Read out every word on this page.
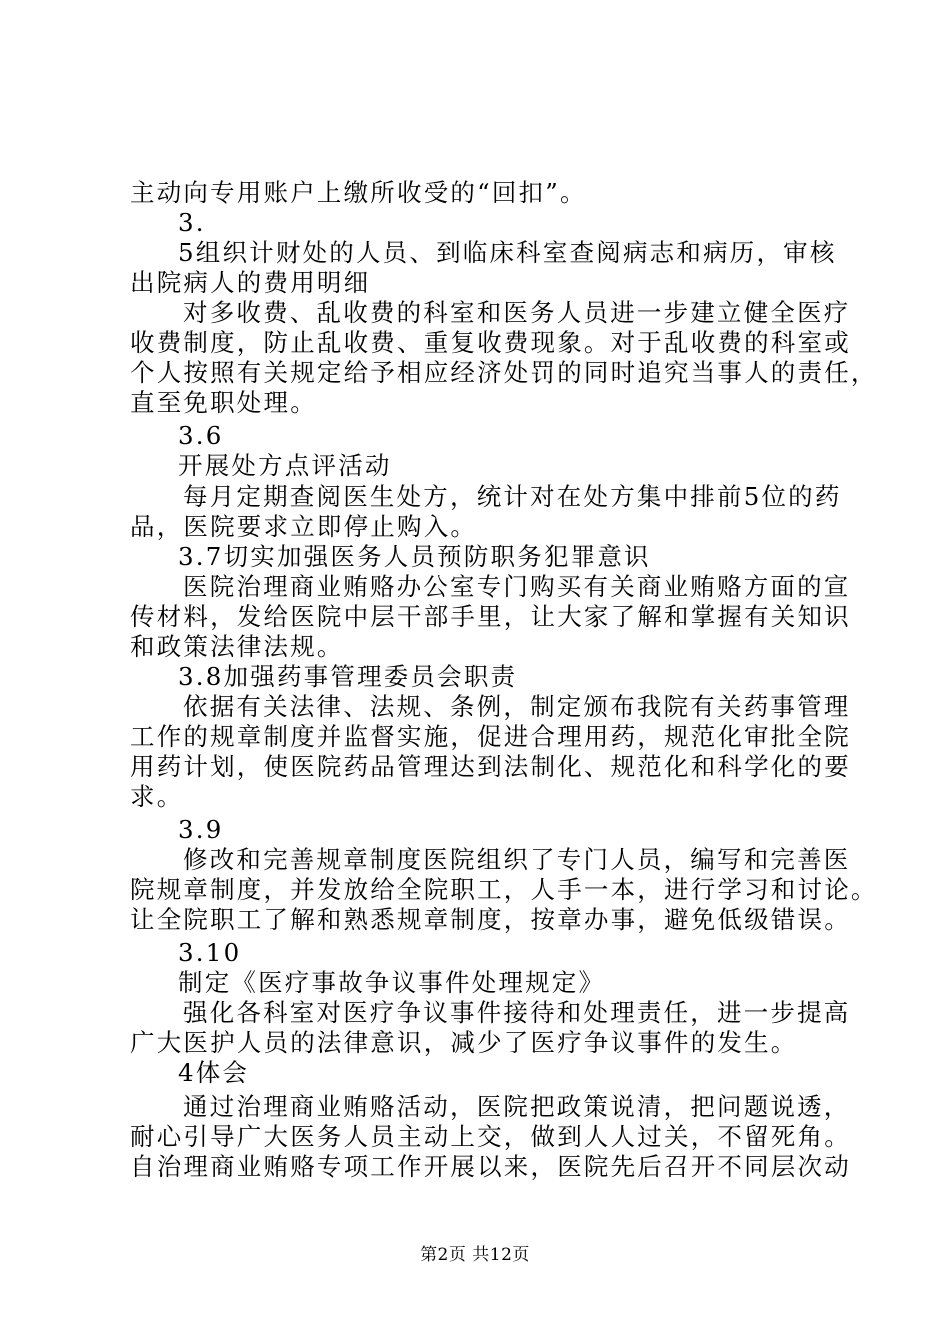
主动向专用账户上缴所收受的“回扣”。
3.
5组织计财处的人员、到临床科室查阅病志和病历，审核
出院病人的费用明细
对多收费、乱收费的科室和医务人员进一步建立健全医疗
收费制度，防止乱收费、重复收费现象。对于乱收费的科室或
个人按照有关规定给予相应经济处罚的同时追究当事人的责任，
直至免职处理。
3.6
开展处方点评活动
每月定期查阅医生处方，统计对在处方集中排前5位的药
品，医院要求立即停止购入。
3.7切实加强医务人员预防职务犯罪意识
医院治理商业贿赂办公室专门购买有关商业贿赂方面的宣
传材料，发给医院中层干部手里，让大家了解和掌握有关知识
和政策法律法规。
3.8加强药事管理委员会职责
依据有关法律、法规、条例，制定颁布我院有关药事管理
工作的规章制度并监督实施，促进合理用药，规范化审批全院
用药计划，使医院药品管理达到法制化、规范化和科学化的要
求。
3.9
修改和完善规章制度医院组织了专门人员，编写和完善医
院规章制度，并发放给全院职工，人手一本，进行学习和讨论。
让全院职工了解和熟悉规章制度，按章办事，避免低级错误。
3.10
制定《医疗事故争议事件处理规定》
强化各科室对医疗争议事件接待和处理责任，进一步提高
广大医护人员的法律意识，减少了医疗争议事件的发生。
4体会
通过治理商业贿赂活动，医院把政策说清，把问题说透，
耐心引导广大医务人员主动上交，做到人人过关，不留死角。
自治理商业贿赂专项工作开展以来，医院先后召开不同层次动
第2页 共12页
